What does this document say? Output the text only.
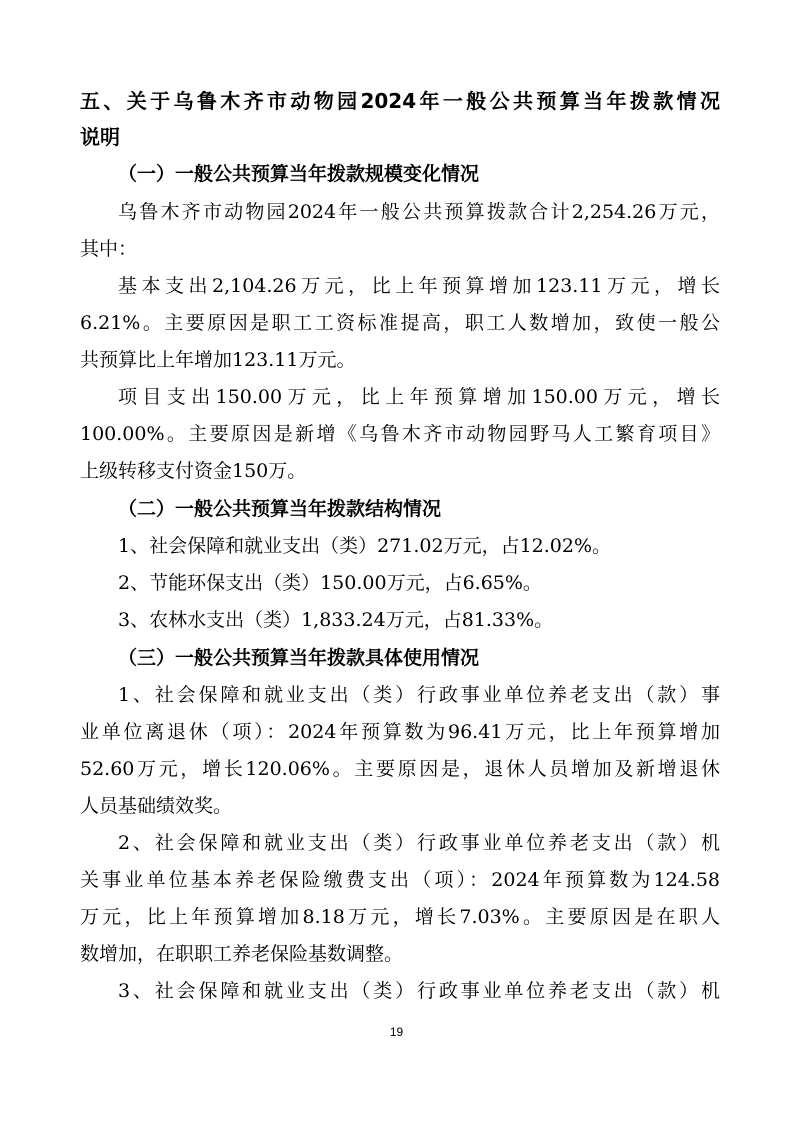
五、关于乌鲁木齐市动物园2024年一般公共预算当年拨款情况
说明
（一）一般公共预算当年拨款规模变化情况
乌鲁木齐市动物园2024年一般公共预算拨款合计2,254.26万元，
其中：
基本支出2,104.26万元，比上年预算增加123.11万元，增长
6.21%。主要原因是职工工资标准提高，职工人数增加，致使一般公
共预算比上年增加123.11万元。
项目支出150.00万元，比上年预算增加150.00万元，增长
100.00%。主要原因是新增《乌鲁木齐市动物园野马人工繁育项目》
上级转移支付资金150万。
（二）一般公共预算当年拨款结构情况
1、社会保障和就业支出（类）271.02万元，占12.02%。
2、节能环保支出（类）150.00万元，占6.65%。
3、农林水支出（类）1,833.24万元，占81.33%。
（三）一般公共预算当年拨款具体使用情况
1、社会保障和就业支出（类）行政事业单位养老支出（款）事
业单位离退休（项）：2024年预算数为96.41万元，比上年预算增加
52.60万元，增长120.06%。主要原因是，退休人员增加及新增退休
人员基础绩效奖。
2、社会保障和就业支出（类）行政事业单位养老支出（款）机
关事业单位基本养老保险缴费支出（项）：2024年预算数为124.58
万元，比上年预算增加8.18万元，增长7.03%。主要原因是在职人
数增加，在职职工养老保险基数调整。
3、社会保障和就业支出（类）行政事业单位养老支出（款）机
19
